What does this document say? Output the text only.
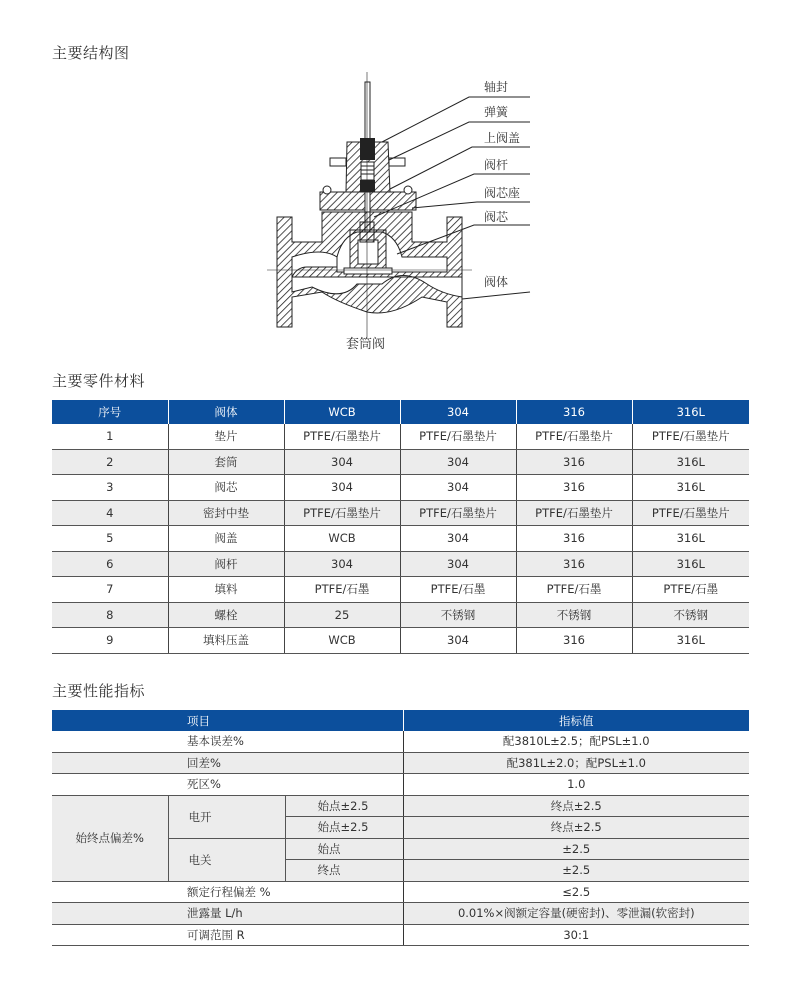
主要结构图
轴封
弹簧
上阀盖
阀杆
阀芯座
阀芯
阀体
套筒阀
主要零件材料
序号	阀体	WCB	304	316	316L
1	垫片	PTFE/石墨垫片	PTFE/石墨垫片	PTFE/石墨垫片	PTFE/石墨垫片
2	套筒	304	304	316	316L
3	阀芯	304	304	316	316L
4	密封中垫	PTFE/石墨垫片	PTFE/石墨垫片	PTFE/石墨垫片	PTFE/石墨垫片
5	阀盖	WCB	304	316	316L
6	阀杆	304	304	316	316L
7	填料	PTFE/石墨	PTFE/石墨	PTFE/石墨	PTFE/石墨
8	螺栓	25	不锈钢	不锈钢	不锈钢
9	填料压盖	WCB	304	316	316L
主要性能指标
项目			指标值
基本误差%			配3810L±2.5；配PSL±1.0
回差%			配381L±2.0；配PSL±1.0
死区%			1.0
始终点偏差%	电开	始点±2.5	终点±2.5
		始点±2.5	终点±2.5
	电关	始点	±2.5
		终点	±2.5
额定行程偏差 %			≤2.5
泄露量 L/h			0.01%×阀额定容量(硬密封)、零泄漏(软密封)
可调范围 R			30:1
